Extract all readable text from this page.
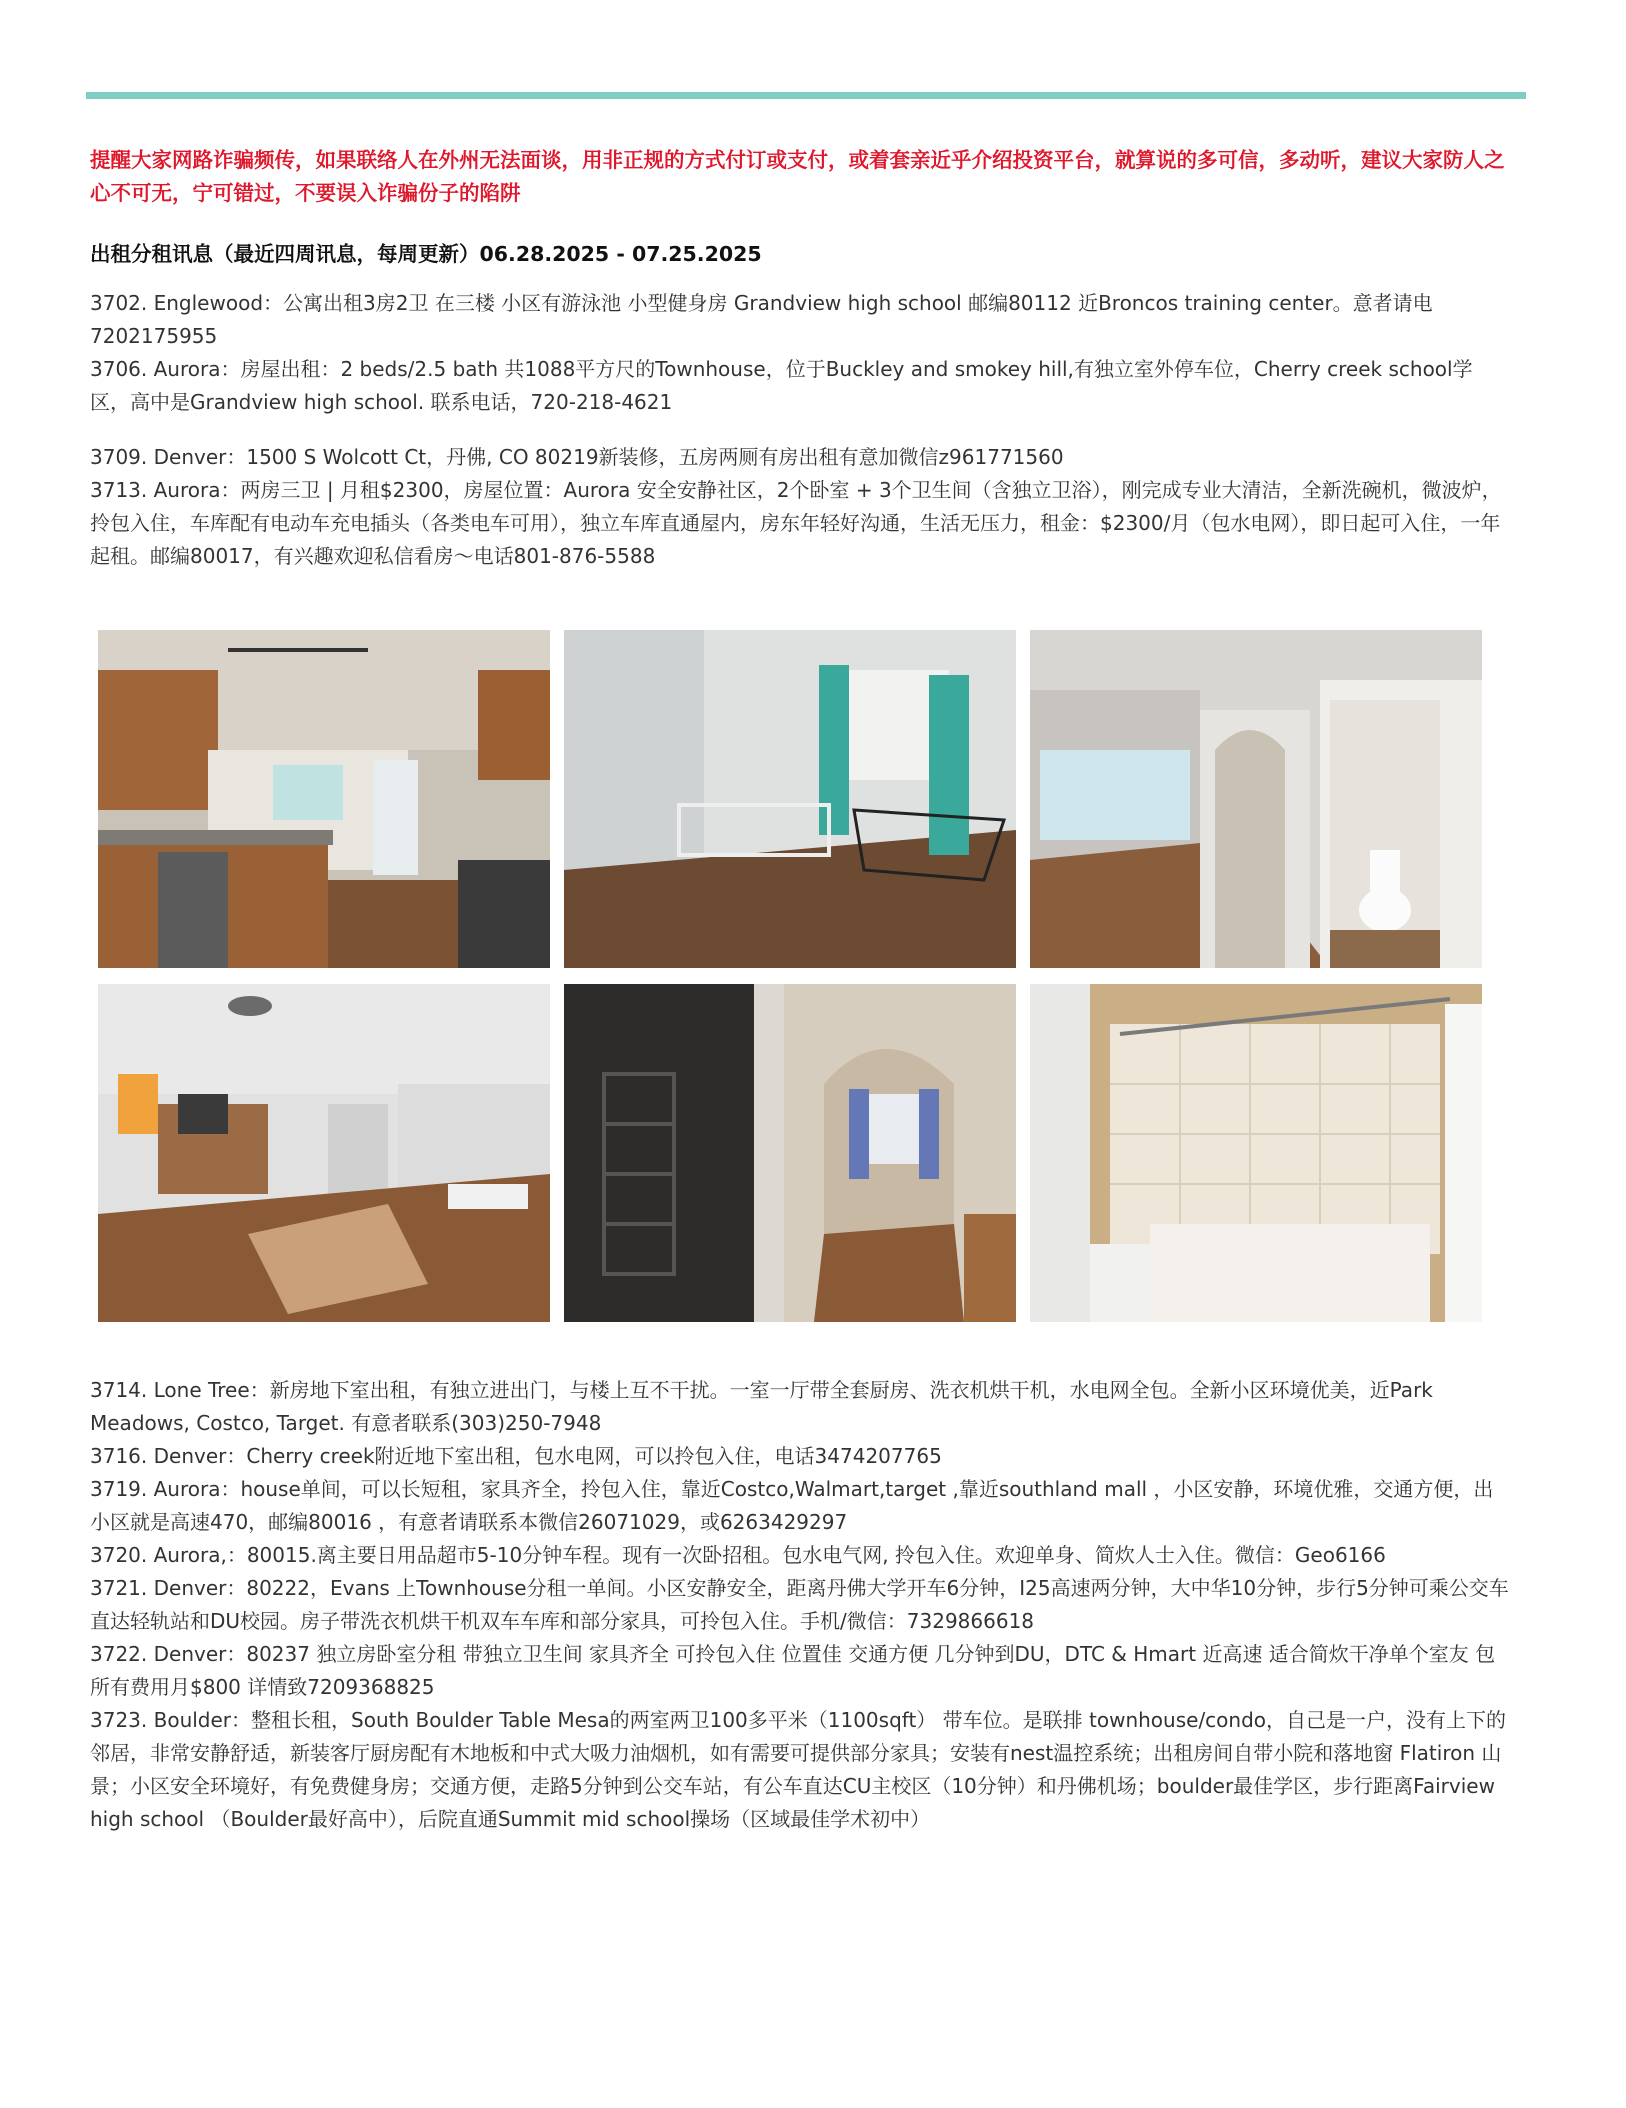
提醒大家网路诈骗频传，如果联络人在外州无法面谈，用非正规的方式付订或支付，或着套亲近乎介绍投资平台，就算说的多可信，多动听，建议大家防人之心不可无，宁可错过，不要误入诈骗份子的陷阱
出租分租讯息（最近四周讯息，每周更新）06.28.2025 - 07.25.2025

3702. Englewood：公寓出租3房2卫 在三楼 小区有游泳池 小型健身房 Grandview high school 邮编80112 近Broncos training center。意者请电7202175955

3706. Aurora：房屋出租：2 beds/2.5 bath 共1088平方尺的Townhouse，位于Buckley and smokey hill,有独立室外停车位，Cherry creek school学区，高中是Grandview high school. 联系电话，720-218-4621

3709. Denver：1500 S Wolcott Ct，丹佛, CO 80219新装修，五房两厕有房出租有意加微信z961771560

3713. Aurora：两房三卫 | 月租$2300，房屋位置：Aurora 安全安静社区，2个卧室 + 3个卫生间（含独立卫浴），刚完成专业大清洁，全新洗碗机，微波炉，拎包入住，车库配有电动车充电插头（各类电车可用），独立车库直通屋内，房东年轻好沟通，生活无压力，租金：$2300/月（包水电网），即日起可入住，一年起租。邮编80017，有兴趣欢迎私信看房～电话801-876-5588

3714. Lone Tree：新房地下室出租，有独立进出门，与楼上互不干扰。一室一厅带全套厨房、洗衣机烘干机，水电网全包。全新小区环境优美，近Park Meadows, Costco, Target. 有意者联系(303)250-7948

3716. Denver：Cherry creek附近地下室出租，包水电网，可以拎包入住，电话3474207765

3719. Aurora：house单间，可以长短租，家具齐全，拎包入住，靠近Costco,Walmart,target ,靠近southland mall ，小区安静，环境优雅，交通方便，出小区就是高速470，邮编80016 ，有意者请联系本微信26071029，或6263429297

3720. Aurora,：80015.离主要日用品超市5-10分钟车程。现有一次卧招租。包水电气网, 拎包入住。欢迎单身、简炊人士入住。微信：Geo6166

3721. Denver：80222，Evans 上Townhouse分租一单间。小区安静安全，距离丹佛大学开车6分钟，I25高速两分钟，大中华10分钟，步行5分钟可乘公交车直达轻轨站和DU校园。房子带洗衣机烘干机双车车库和部分家具，可拎包入住。手机/微信：7329866618

3722. Denver：80237 独立房卧室分租 带独立卫生间 家具齐全 可拎包入住 位置佳 交通方便 几分钟到DU，DTC & Hmart 近高速 适合简炊干净单个室友 包所有费用月$800 详情致7209368825

3723. Boulder：整租长租，South Boulder Table Mesa的两室两卫100多平米（1100sqft） 带车位。是联排 townhouse/condo，自己是一户，没有上下的邻居，非常安静舒适，新装客厅厨房配有木地板和中式大吸力油烟机，如有需要可提供部分家具；安装有nest温控系统；出租房间自带小院和落地窗 Flatiron 山景；小区安全环境好，有免费健身房；交通方便，走路5分钟到公交车站，有公车直达CU主校区（10分钟）和丹佛机场；boulder最佳学区，步行距离Fairview high school （Boulder最好高中），后院直通Summit mid school操场（区域最佳学术初中）
